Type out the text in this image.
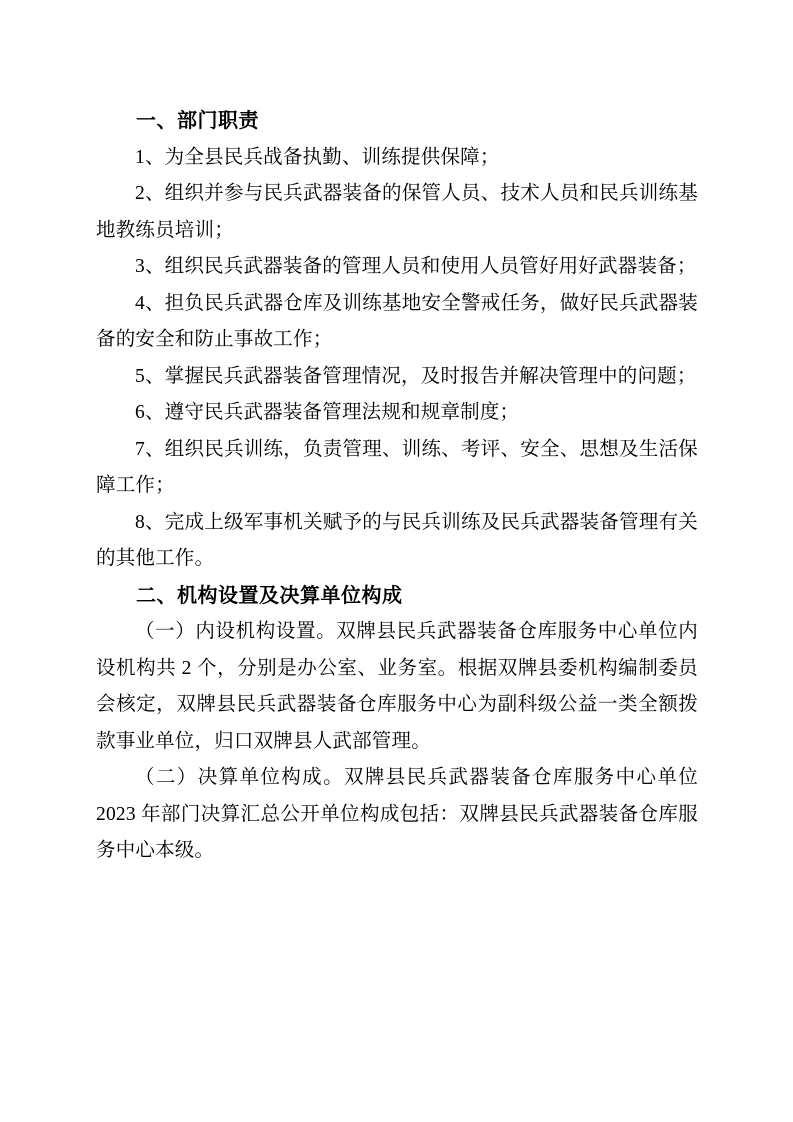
一、部门职责

1、为全县民兵战备执勤、训练提供保障；

2、组织并参与民兵武器装备的保管人员、技术人员和民兵训练基地教练员培训；

3、组织民兵武器装备的管理人员和使用人员管好用好武器装备；

4、担负民兵武器仓库及训练基地安全警戒任务，做好民兵武器装备的安全和防止事故工作；

5、掌握民兵武器装备管理情况，及时报告并解决管理中的问题；

6、遵守民兵武器装备管理法规和规章制度；

7、组织民兵训练，负责管理、训练、考评、安全、思想及生活保障工作；

8、完成上级军事机关赋予的与民兵训练及民兵武器装备管理有关的其他工作。

二、机构设置及决算单位构成

（一）内设机构设置。双牌县民兵武器装备仓库服务中心单位内设机构共 2 个，分别是办公室、业务室。根据双牌县委机构编制委员会核定，双牌县民兵武器装备仓库服务中心为副科级公益一类全额拨款事业单位，归口双牌县人武部管理。

（二）决算单位构成。双牌县民兵武器装备仓库服务中心单位 2023 年部门决算汇总公开单位构成包括：双牌县民兵武器装备仓库服务中心本级。
